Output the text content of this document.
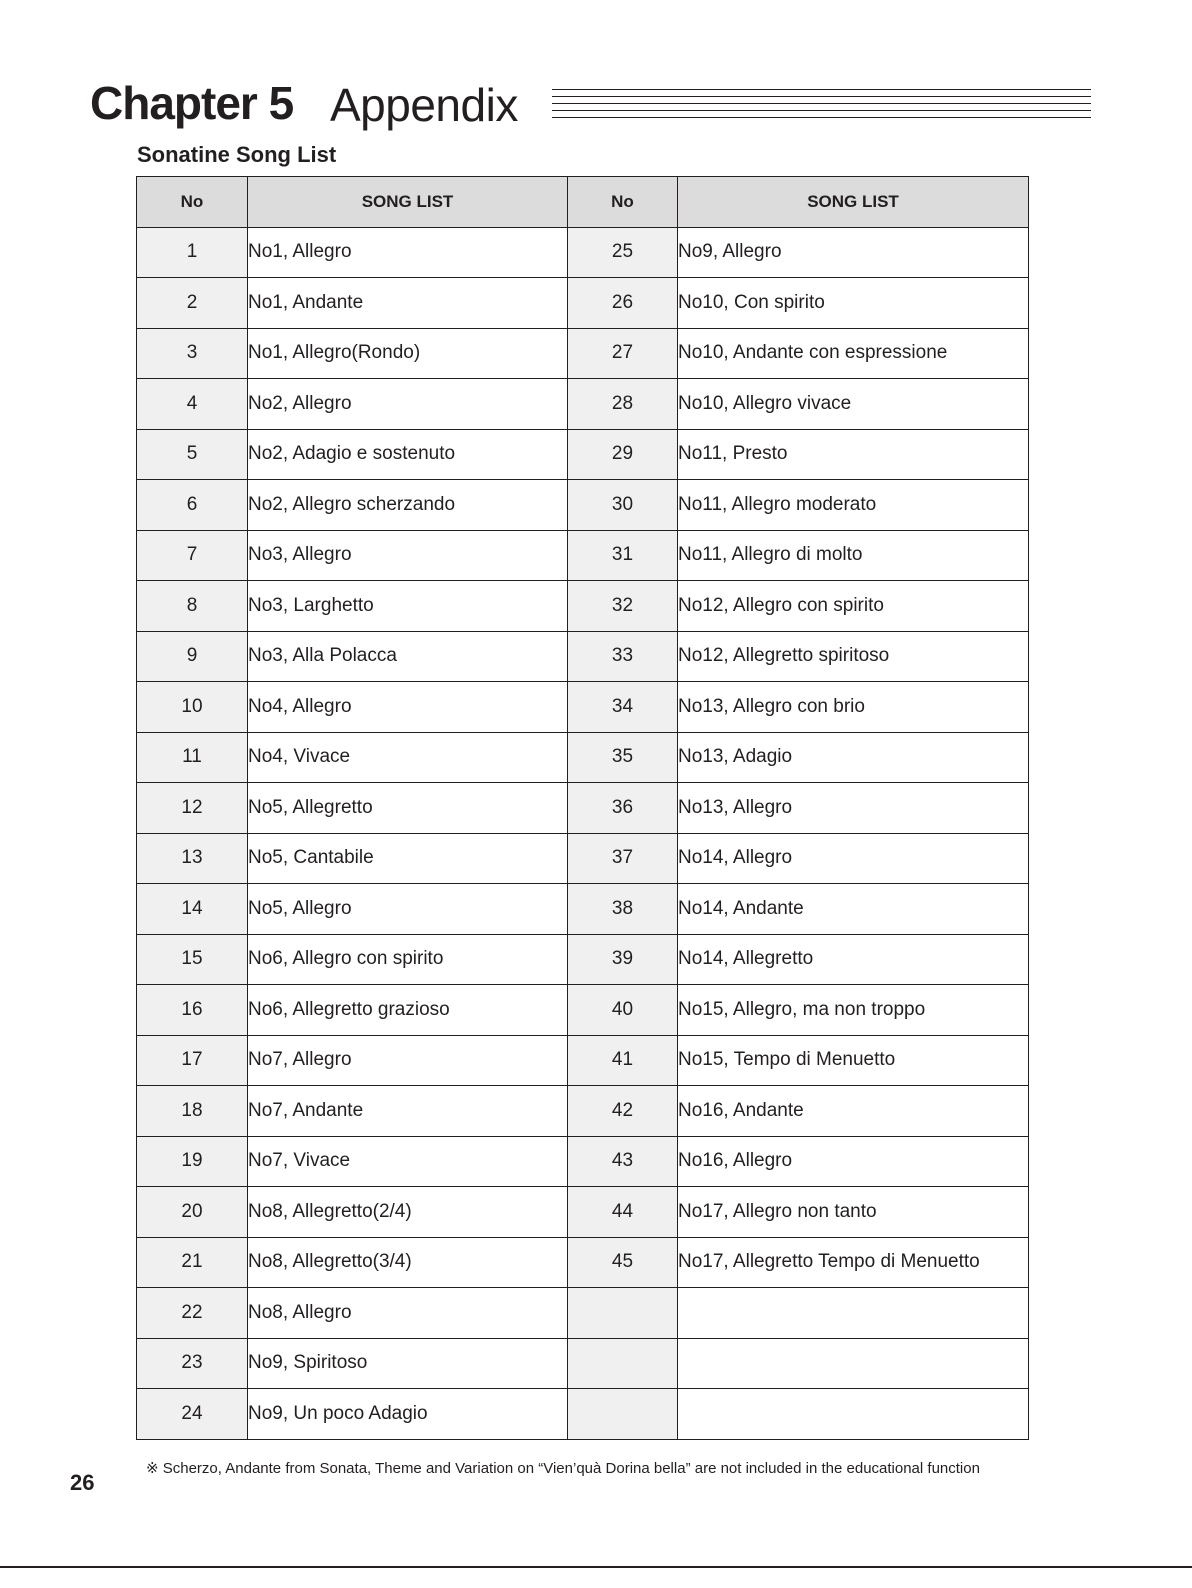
Chapter 5 Appendix
Sonatine Song List
No	SONG LIST	No	SONG LIST
1	No1, Allegro	25	No9, Allegro
2	No1, Andante	26	No10, Con spirito
3	No1, Allegro(Rondo)	27	No10, Andante con espressione
4	No2, Allegro	28	No10, Allegro vivace
5	No2, Adagio e sostenuto	29	No11, Presto
6	No2, Allegro scherzando	30	No11, Allegro moderato
7	No3, Allegro	31	No11, Allegro di molto
8	No3, Larghetto	32	No12, Allegro con spirito
9	No3, Alla Polacca	33	No12, Allegretto spiritoso
10	No4, Allegro	34	No13, Allegro con brio
11	No4, Vivace	35	No13, Adagio
12	No5, Allegretto	36	No13, Allegro
13	No5, Cantabile	37	No14, Allegro
14	No5, Allegro	38	No14, Andante
15	No6, Allegro con spirito	39	No14, Allegretto
16	No6, Allegretto grazioso	40	No15, Allegro, ma non troppo
17	No7, Allegro	41	No15, Tempo di Menuetto
18	No7, Andante	42	No16, Andante
19	No7, Vivace	43	No16, Allegro
20	No8, Allegretto(2/4)	44	No17, Allegro non tanto
21	No8, Allegretto(3/4)	45	No17, Allegretto Tempo di Menuetto
22	No8, Allegro		
23	No9, Spiritoso		
24	No9, Un poco Adagio		
※ Scherzo, Andante from Sonata, Theme and Variation on “Vien’quà Dorina bella” are not included in the educational function
26
